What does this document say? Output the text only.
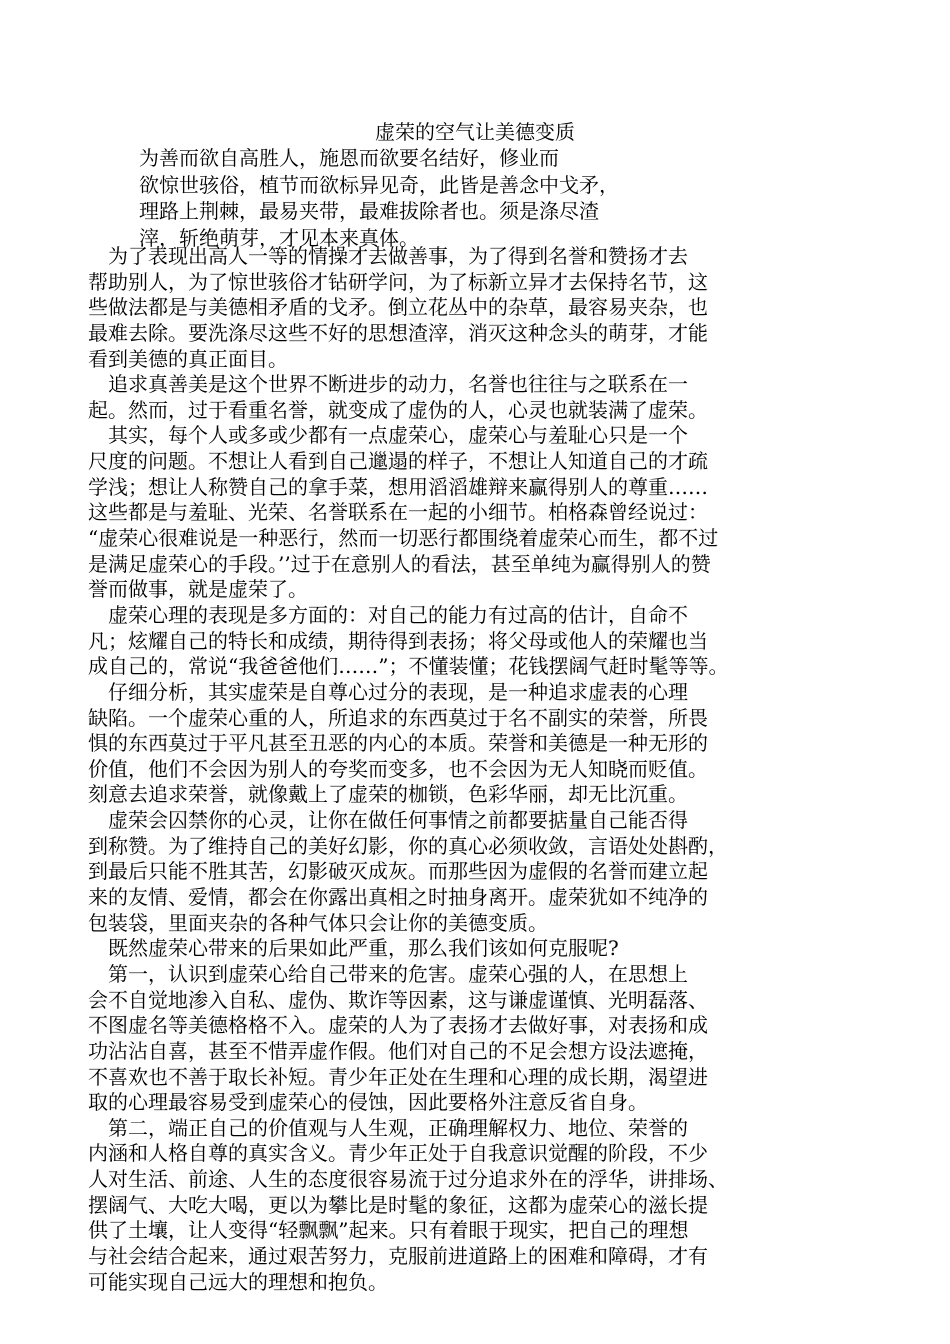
虚荣的空气让美德变质
为善而欲自高胜人，施恩而欲要名结好，修业而
欲惊世骇俗，植节而欲标异见奇，此皆是善念中戈矛，
理路上荆棘，最易夹带，最难拔除者也。须是涤尽渣
滓，斩绝萌芽，才见本来真体。
为了表现出高人一等的情操才去做善事，为了得到名誉和赞扬才去
帮助别人，为了惊世骇俗才钻研学问，为了标新立异才去保持名节，这
些做法都是与美德相矛盾的戈矛。倒立花丛中的杂草，最容易夹杂，也
最难去除。要洗涤尽这些不好的思想渣滓，消灭这种念头的萌芽，才能
看到美德的真正面目。
追求真善美是这个世界不断进步的动力，名誉也往往与之联系在一
起。然而，过于看重名誉，就变成了虚伪的人，心灵也就装满了虚荣。
其实，每个人或多或少都有一点虚荣心，虚荣心与羞耻心只是一个
尺度的问题。不想让人看到自己邋遢的样子，不想让人知道自己的才疏
学浅；想让人称赞自己的拿手菜，想用滔滔雄辩来赢得别人的尊重……
这些都是与羞耻、光荣、名誉联系在一起的小细节。柏格森曾经说过：
“虚荣心很难说是一种恶行，然而一切恶行都围绕着虚荣心而生，都不过
是满足虚荣心的手段。’’过于在意别人的看法，甚至单纯为赢得别人的赞
誉而做事，就是虚荣了。
虚荣心理的表现是多方面的：对自己的能力有过高的估计，自命不
凡；炫耀自己的特长和成绩，期待得到表扬；将父母或他人的荣耀也当
成自己的，常说“我爸爸他们……”；不懂装懂；花钱摆阔气赶时髦等等。
仔细分析，其实虚荣是自尊心过分的表现，是一种追求虚表的心理
缺陷。一个虚荣心重的人，所追求的东西莫过于名不副实的荣誉，所畏
惧的东西莫过于平凡甚至丑恶的内心的本质。荣誉和美德是一种无形的
价值，他们不会因为别人的夸奖而变多，也不会因为无人知晓而贬值。
刻意去追求荣誉，就像戴上了虚荣的枷锁，色彩华丽，却无比沉重。
虚荣会囚禁你的心灵，让你在做任何事情之前都要掂量自己能否得
到称赞。为了维持自己的美好幻影，你的真心必须收敛，言语处处斟酌，
到最后只能不胜其苦，幻影破灭成灰。而那些因为虚假的名誉而建立起
来的友情、爱情，都会在你露出真相之时抽身离开。虚荣犹如不纯净的
包装袋，里面夹杂的各种气体只会让你的美德变质。
既然虚荣心带来的后果如此严重，那么我们该如何克服呢?
第一，认识到虚荣心给自己带来的危害。虚荣心强的人，在思想上
会不自觉地渗入自私、虚伪、欺诈等因素，这与谦虚谨慎、光明磊落、
不图虚名等美德格格不入。虚荣的人为了表扬才去做好事，对表扬和成
功沾沾自喜，甚至不惜弄虚作假。他们对自己的不足会想方设法遮掩，
不喜欢也不善于取长补短。青少年正处在生理和心理的成长期，渴望进
取的心理最容易受到虚荣心的侵蚀，因此要格外注意反省自身。
第二，端正自己的价值观与人生观，正确理解权力、地位、荣誉的
内涵和人格自尊的真实含义。青少年正处于自我意识觉醒的阶段，不少
人对生活、前途、人生的态度很容易流于过分追求外在的浮华，讲排场、
摆阔气、大吃大喝，更以为攀比是时髦的象征，这都为虚荣心的滋长提
供了土壤，让人变得“轻飘飘”起来。只有着眼于现实，把自己的理想
与社会结合起来，通过艰苦努力，克服前进道路上的困难和障碍，才有
可能实现自己远大的理想和抱负。
